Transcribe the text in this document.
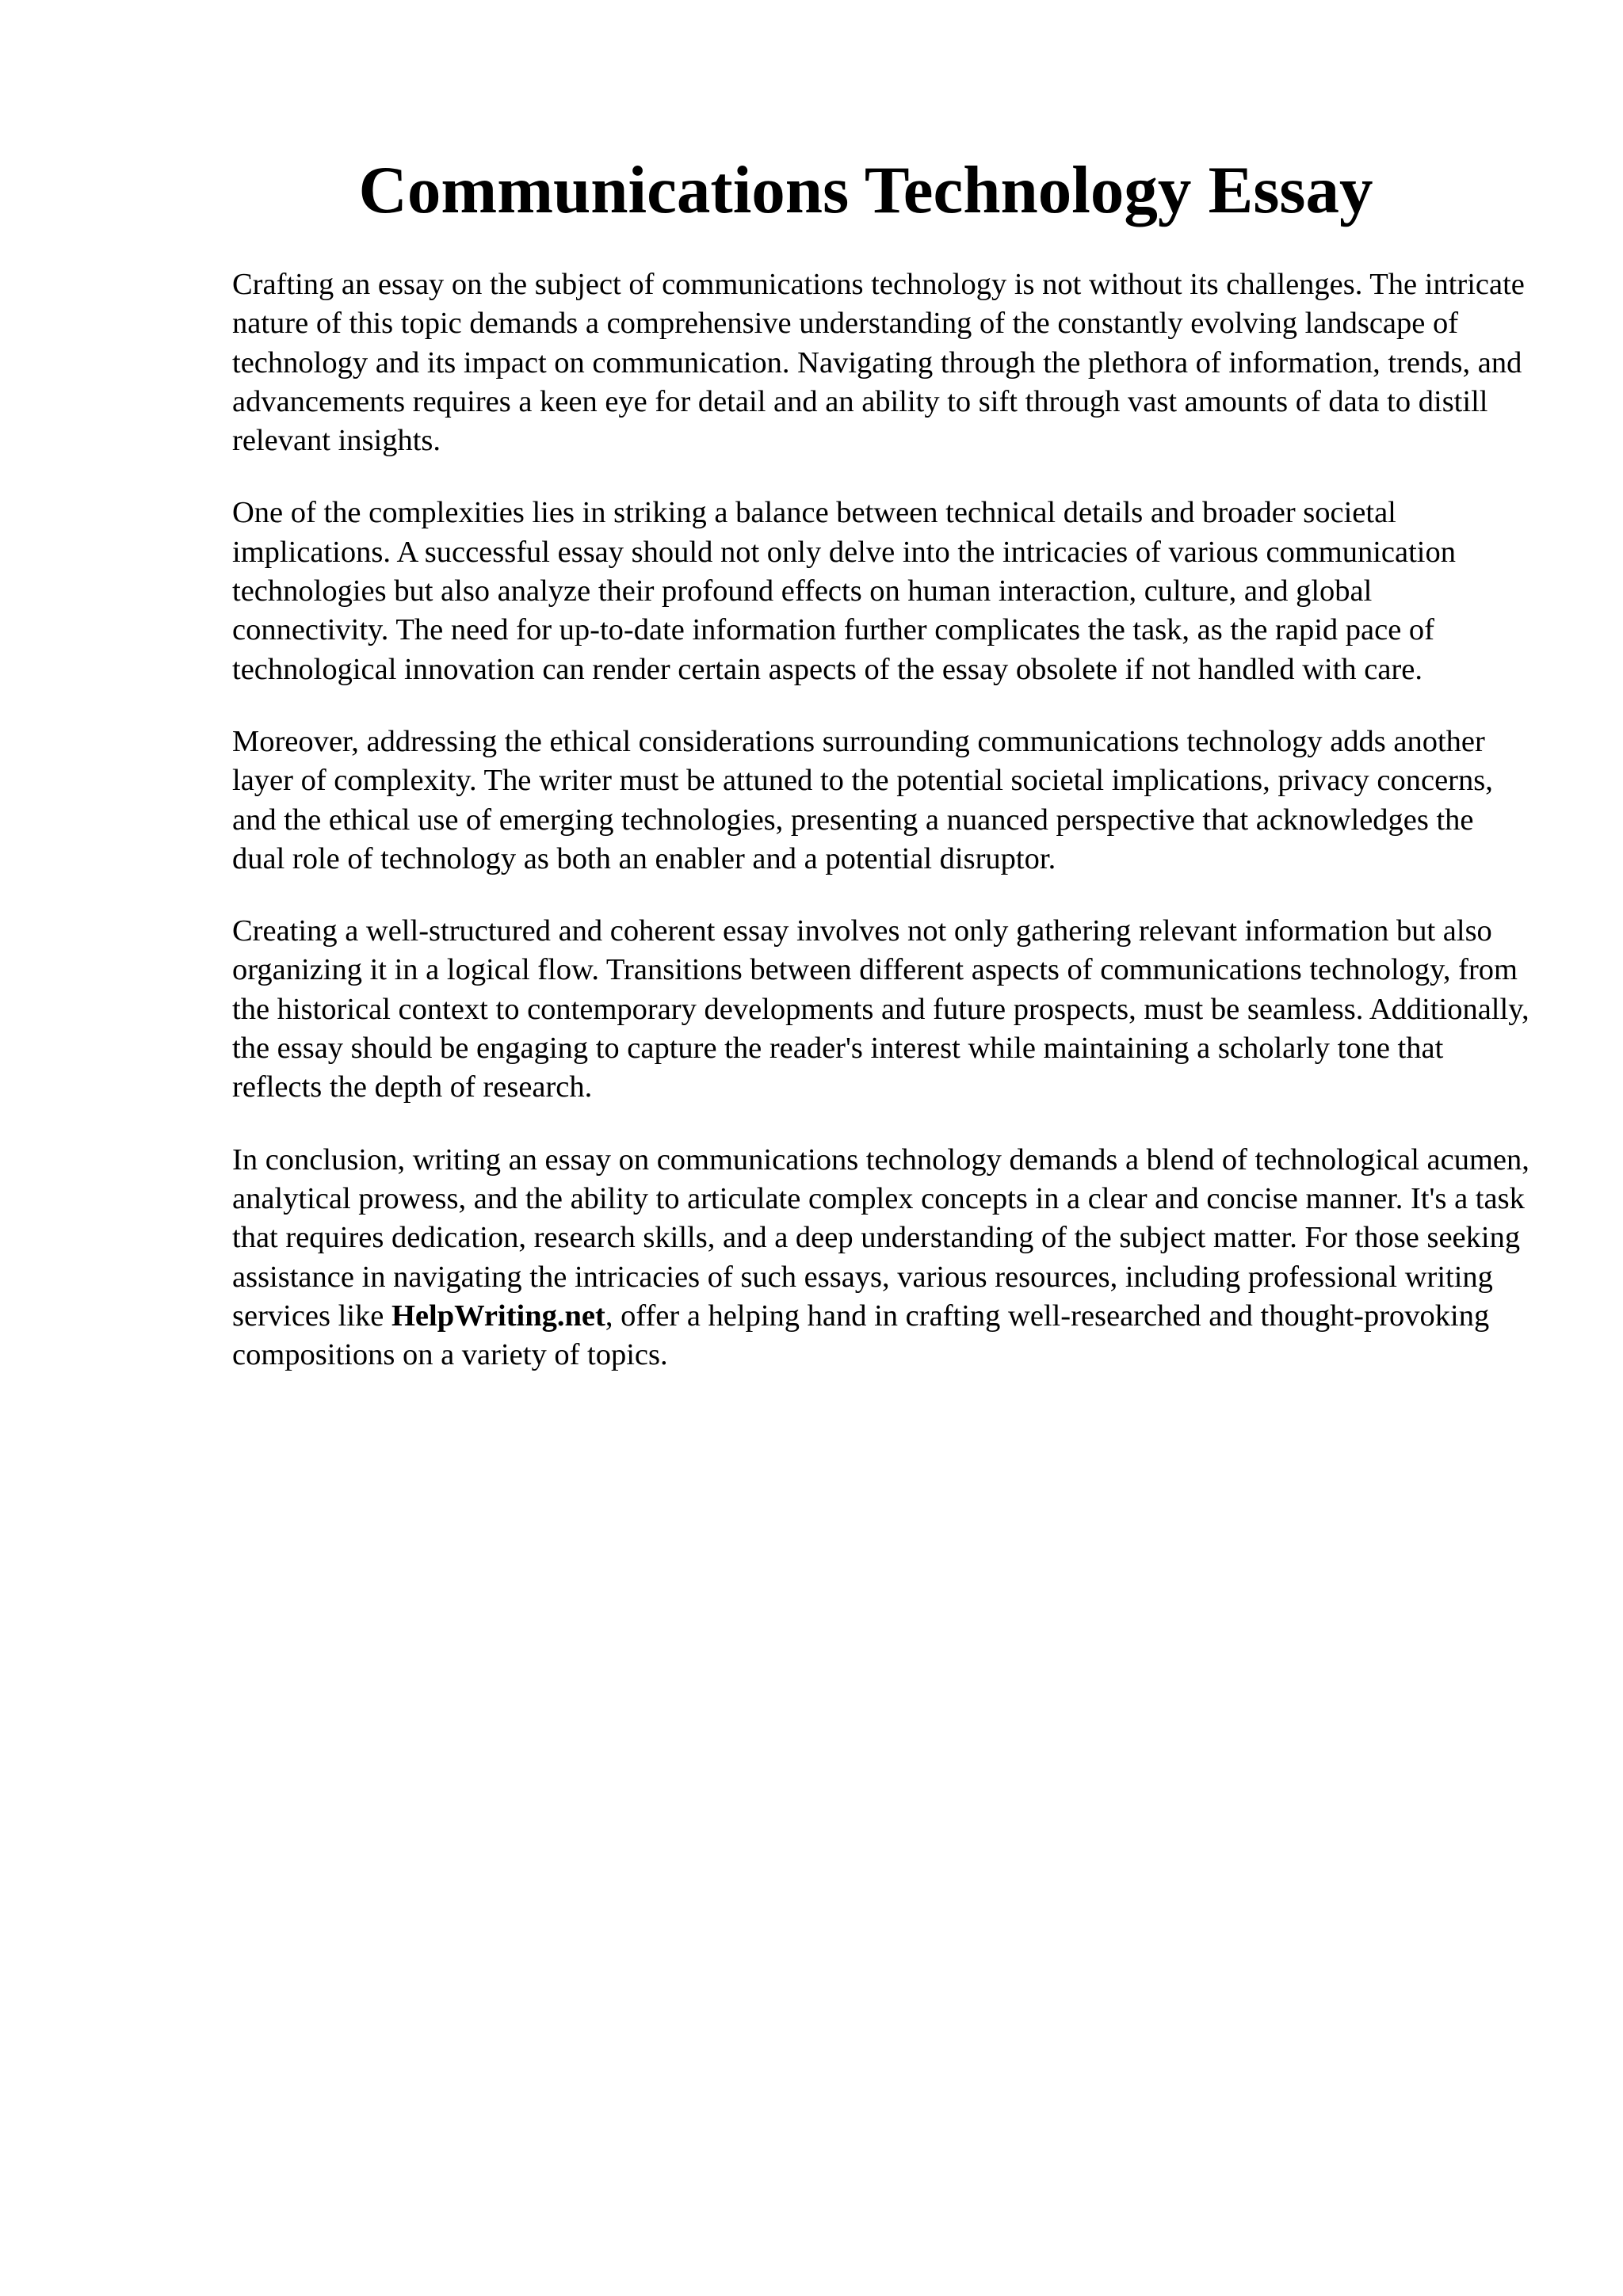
Communications Technology Essay

Crafting an essay on the subject of communications technology is not without its challenges. The intricate nature of this topic demands a comprehensive understanding of the constantly evolving landscape of technology and its impact on communication. Navigating through the plethora of information, trends, and advancements requires a keen eye for detail and an ability to sift through vast amounts of data to distill relevant insights.

One of the complexities lies in striking a balance between technical details and broader societal implications. A successful essay should not only delve into the intricacies of various communication technologies but also analyze their profound effects on human interaction, culture, and global connectivity. The need for up-to-date information further complicates the task, as the rapid pace of technological innovation can render certain aspects of the essay obsolete if not handled with care.

Moreover, addressing the ethical considerations surrounding communications technology adds another layer of complexity. The writer must be attuned to the potential societal implications, privacy concerns, and the ethical use of emerging technologies, presenting a nuanced perspective that acknowledges the dual role of technology as both an enabler and a potential disruptor.

Creating a well-structured and coherent essay involves not only gathering relevant information but also organizing it in a logical flow. Transitions between different aspects of communications technology, from the historical context to contemporary developments and future prospects, must be seamless. Additionally, the essay should be engaging to capture the reader's interest while maintaining a scholarly tone that reflects the depth of research.

In conclusion, writing an essay on communications technology demands a blend of technological acumen, analytical prowess, and the ability to articulate complex concepts in a clear and concise manner. It's a task that requires dedication, research skills, and a deep understanding of the subject matter. For those seeking assistance in navigating the intricacies of such essays, various resources, including professional writing services like HelpWriting.net, offer a helping hand in crafting well-researched and thought-provoking compositions on a variety of topics.
